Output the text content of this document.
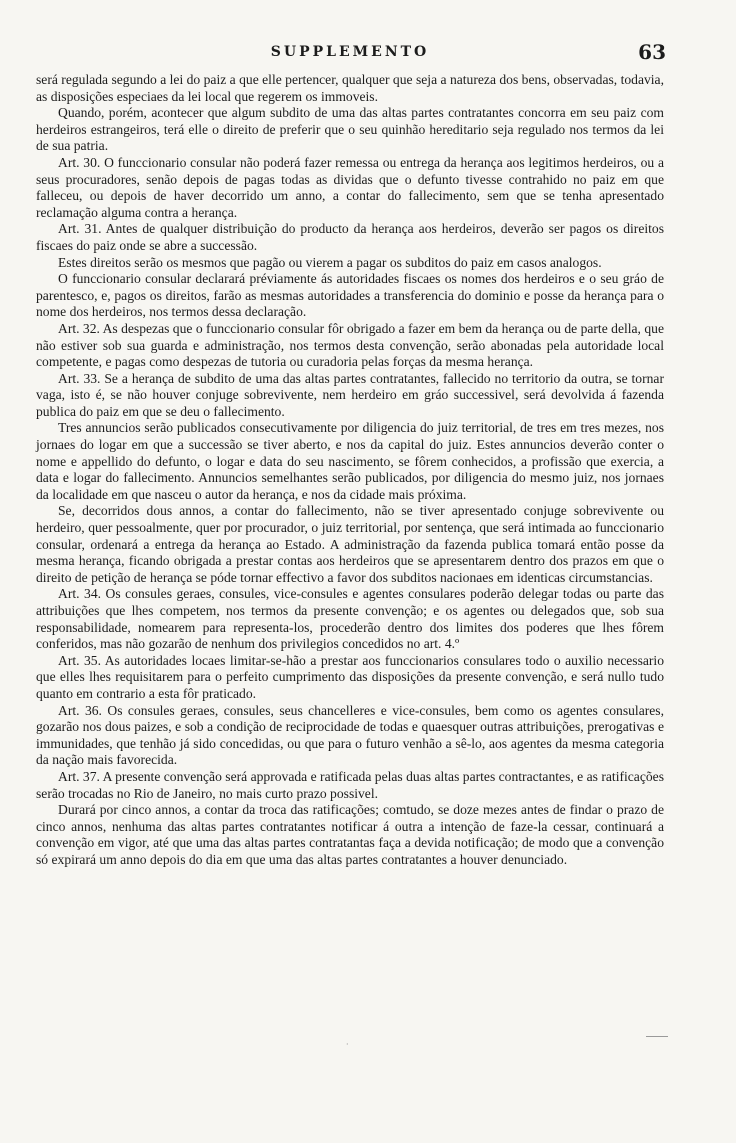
SUPPLEMENTO	63

será regulada segundo a lei do paiz a que elle pertencer, qualquer que seja a natureza dos bens, observadas, todavia, as disposições especiaes da lei local que regerem os immoveis.

Quando, porém, acontecer que algum subdito de uma das altas partes contratantes concorra em seu paiz com herdeiros estrangeiros, terá elle o direito de preferir que o seu quinhão hereditario seja regulado nos termos da lei de sua patria.

Art. 30. O funccionario consular não poderá fazer remessa ou entrega da herança aos legitimos herdeiros, ou a seus procuradores, senão depois de pagas todas as dividas que o defunto tivesse contrahido no paiz em que falleceu, ou depois de haver decorrido um anno, a contar do fallecimento, sem que se tenha apresentado reclamação alguma contra a herança.

Art. 31. Antes de qualquer distribuição do producto da herança aos herdeiros, deverão ser pagos os direitos fiscaes do paiz onde se abre a successão.

Estes direitos serão os mesmos que pagão ou vierem a pagar os subditos do paiz em casos analogos.

O funccionario consular declarará préviamente ás autoridades fiscaes os nomes dos herdeiros e o seu gráo de parentesco, e, pagos os direitos, farão as mesmas autoridades a transferencia do dominio e posse da herança para o nome dos herdeiros, nos termos dessa declaração.

Art. 32. As despezas que o funccionario consular fôr obrigado a fazer em bem da herança ou de parte della, que não estiver sob sua guarda e administração, nos termos desta convenção, serão abonadas pela autoridade local competente, e pagas como despezas de tutoria ou curadoria pelas forças da mesma herança.

Art. 33. Se a herança de subdito de uma das altas partes contratantes, fallecido no territorio da outra, se tornar vaga, isto é, se não houver conjuge sobrevivente, nem herdeiro em gráo successivel, será devolvida á fazenda publica do paiz em que se deu o fallecimento.

Tres annuncios serão publicados consecutivamente por diligencia do juiz territorial, de tres em tres mezes, nos jornaes do logar em que a successão se tiver aberto, e nos da capital do juiz. Estes annuncios deverão conter o nome e appellido do defunto, o logar e data do seu nascimento, se fôrem conhecidos, a profissão que exercia, a data e logar do fallecimento. Annuncios semelhantes serão publicados, por diligencia do mesmo juiz, nos jornaes da localidade em que nasceu o autor da herança, e nos da cidade mais próxima.

Se, decorridos dous annos, a contar do fallecimento, não se tiver apresentado conjuge sobrevivente ou herdeiro, quer pessoalmente, quer por procurador, o juiz territorial, por sentença, que será intimada ao funccionario consular, ordenará a entrega da herança ao Estado. A administração da fazenda publica tomará então posse da mesma herança, ficando obrigada a prestar contas aos herdeiros que se apresentarem dentro dos prazos em que o direito de petição de herança se póde tornar effectivo a favor dos subditos nacionaes em identicas circumstancias.

Art. 34. Os consules geraes, consules, vice-consules e agentes consulares poderão delegar todas ou parte das attribuições que lhes competem, nos termos da presente convenção; e os agentes ou delegados que, sob sua responsabilidade, nomearem para representa-los, procederão dentro dos limites dos poderes que lhes fôrem conferidos, mas não gozarão de nenhum dos privilegios concedidos no art. 4.º

Art. 35. As autoridades locaes limitar-se-hão a prestar aos funccionarios consulares todo o auxilio necessario que elles lhes requisitarem para o perfeito cumprimento das disposições da presente convenção, e será nullo tudo quanto em contrario a esta fôr praticado.

Art. 36. Os consules geraes, consules, seus chancelleres e vice-consules, bem como os agentes consulares, gozarão nos dous paizes, e sob a condição de reciprocidade de todas e quaesquer outras attribuições, prerogativas e immunidades, que tenhão já sido concedidas, ou que para o futuro venhão a sê-lo, aos agentes da mesma categoria da nação mais favorecida.

Art. 37. A presente convenção será approvada e ratificada pelas duas altas partes contractantes, e as ratificações serão trocadas no Rio de Janeiro, no mais curto prazo possivel.

Durará por cinco annos, a contar da troca das ratificações; comtudo, se doze mezes antes de findar o prazo de cinco annos, nenhuma das altas partes contratantes notificar á outra a intenção de faze-la cessar, continuará a convenção em vigor, até que uma das altas partes contratantas faça a devida notificação; de modo que a convenção só expirará um anno depois do dia em que uma das altas partes contratantes a houver denunciado.

·
